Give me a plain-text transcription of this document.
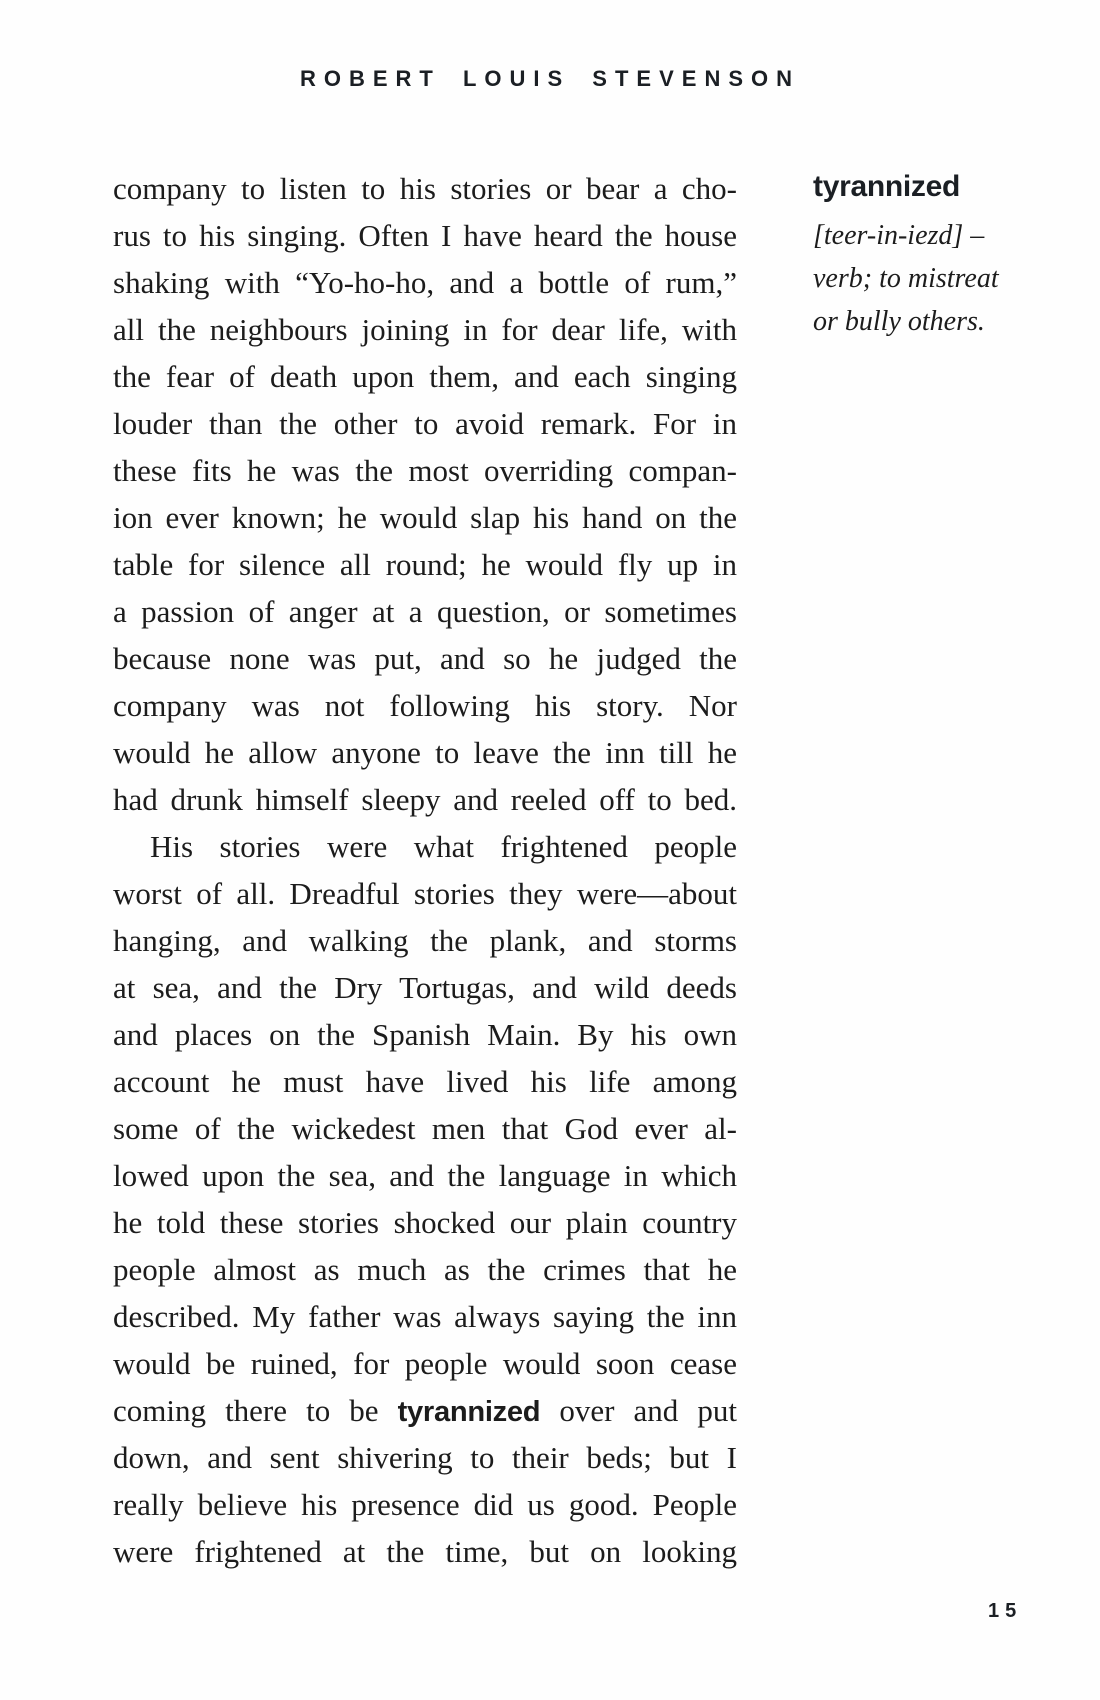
ROBERT LOUIS STEVENSON
company to listen to his stories or bear a cho-
rus to his singing. Often I have heard the house
shaking with “Yo-ho-ho, and a bottle of rum,”
all the neighbours joining in for dear life, with
the fear of death upon them, and each singing
louder than the other to avoid remark. For in
these fits he was the most overriding compan-
ion ever known; he would slap his hand on the
table for silence all round; he would fly up in
a passion of anger at a question, or sometimes
because none was put, and so he judged the
company was not following his story. Nor
would he allow anyone to leave the inn till he
had drunk himself sleepy and reeled off to bed.
His stories were what frightened people
worst of all. Dreadful stories they were—about
hanging, and walking the plank, and storms
at sea, and the Dry Tortugas, and wild deeds
and places on the Spanish Main. By his own
account he must have lived his life among
some of the wickedest men that God ever al-
lowed upon the sea, and the language in which
he told these stories shocked our plain country
people almost as much as the crimes that he
described. My father was always saying the inn
would be ruined, for people would soon cease
coming there to be tyrannized over and put
down, and sent shivering to their beds; but I
really believe his presence did us good. People
were frightened at the time, but on looking
tyrannized
[teer-in-iezd] –
verb; to mistreat
or bully others.
15
